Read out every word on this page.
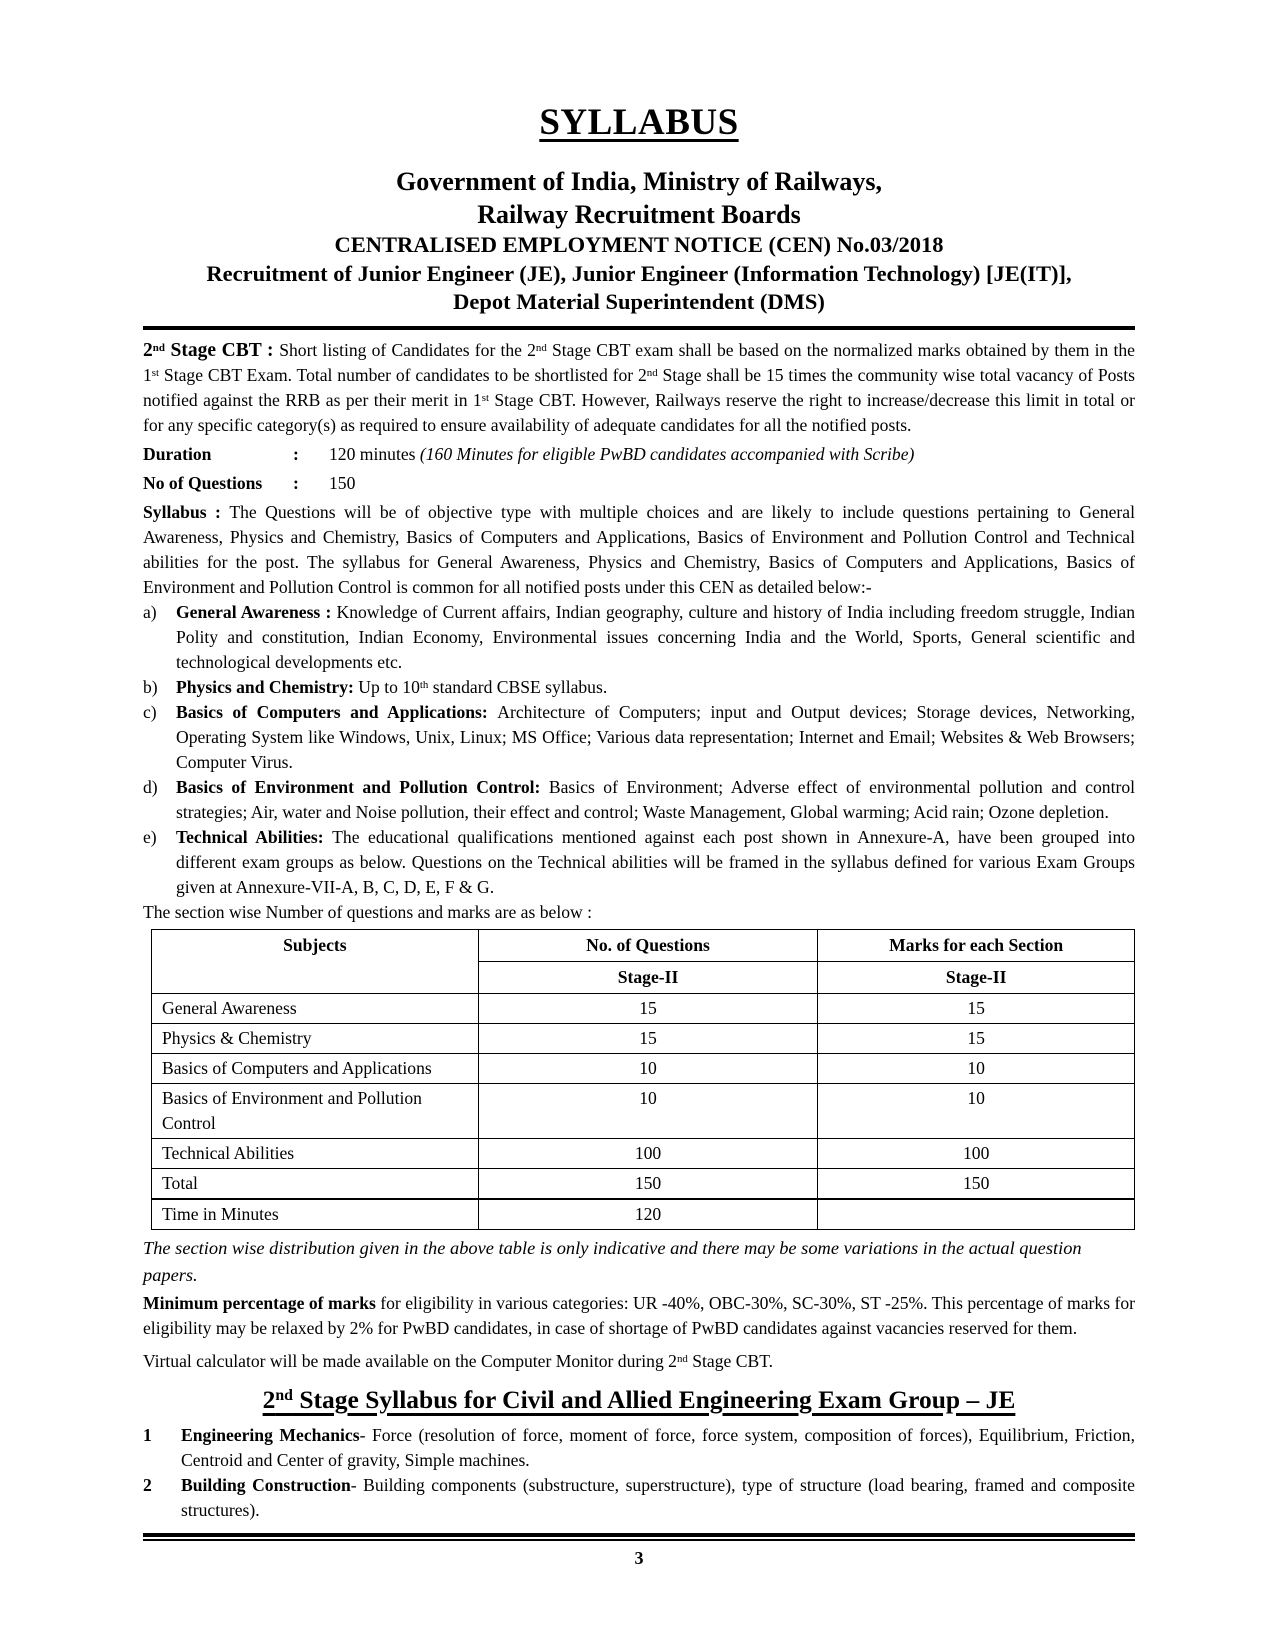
SYLLABUS
Government of India, Ministry of Railways,
Railway Recruitment Boards
CENTRALISED EMPLOYMENT NOTICE (CEN) No.03/2018
Recruitment of Junior Engineer (JE), Junior Engineer (Information Technology) [JE(IT)],
Depot Material Superintendent (DMS)

2nd Stage CBT : Short listing of Candidates for the 2nd Stage CBT exam shall be based on the normalized marks obtained by them in the 1st Stage CBT Exam. Total number of candidates to be shortlisted for 2nd Stage shall be 15 times the community wise total vacancy of Posts notified against the RRB as per their merit in 1st Stage CBT. However, Railways reserve the right to increase/decrease this limit in total or for any specific category(s) as required to ensure availability of adequate candidates for all the notified posts.

Duration	:	120 minutes (160 Minutes for eligible PwBD candidates accompanied with Scribe)
No of Questions	:	150

Syllabus : The Questions will be of objective type with multiple choices and are likely to include questions pertaining to General Awareness, Physics and Chemistry, Basics of Computers and Applications, Basics of Environment and Pollution Control and Technical abilities for the post. The syllabus for General Awareness, Physics and Chemistry, Basics of Computers and Applications, Basics of Environment and Pollution Control is common for all notified posts under this CEN as detailed below:-

a)	General Awareness : Knowledge of Current affairs, Indian geography, culture and history of India including freedom struggle, Indian Polity and constitution, Indian Economy, Environmental issues concerning India and the World, Sports, General scientific and technological developments etc.
b)	Physics and Chemistry: Up to 10th standard CBSE syllabus.
c)	Basics of Computers and Applications: Architecture of Computers; input and Output devices; Storage devices, Networking, Operating System like Windows, Unix, Linux; MS Office; Various data representation; Internet and Email; Websites & Web Browsers; Computer Virus.
d)	Basics of Environment and Pollution Control: Basics of Environment; Adverse effect of environmental pollution and control strategies; Air, water and Noise pollution, their effect and control; Waste Management, Global warming; Acid rain; Ozone depletion.
e)	Technical Abilities: The educational qualifications mentioned against each post shown in Annexure-A, have been grouped into different exam groups as below. Questions on the Technical abilities will be framed in the syllabus defined for various Exam Groups given at Annexure-VII-A, B, C, D, E, F & G.

The section wise Number of questions and marks are as below :

Subjects	No. of Questions	Marks for each Section
	Stage-II	Stage-II
General Awareness	15	15
Physics & Chemistry	15	15
Basics of Computers and Applications	10	10
Basics of Environment and Pollution Control	10	10
Technical Abilities	100	100
Total	150	150
Time in Minutes	120	

The section wise distribution given in the above table is only indicative and there may be some variations in the actual question papers.

Minimum percentage of marks for eligibility in various categories: UR -40%, OBC-30%, SC-30%, ST -25%. This percentage of marks for eligibility may be relaxed by 2% for PwBD candidates, in case of shortage of PwBD candidates against vacancies reserved for them.

Virtual calculator will be made available on the Computer Monitor during 2nd Stage CBT.

2nd Stage Syllabus for Civil and Allied Engineering Exam Group – JE
1	Engineering Mechanics- Force (resolution of force, moment of force, force system, composition of forces), Equilibrium, Friction, Centroid and Center of gravity, Simple machines.
2	Building Construction- Building components (substructure, superstructure), type of structure (load bearing, framed and composite structures).
3
